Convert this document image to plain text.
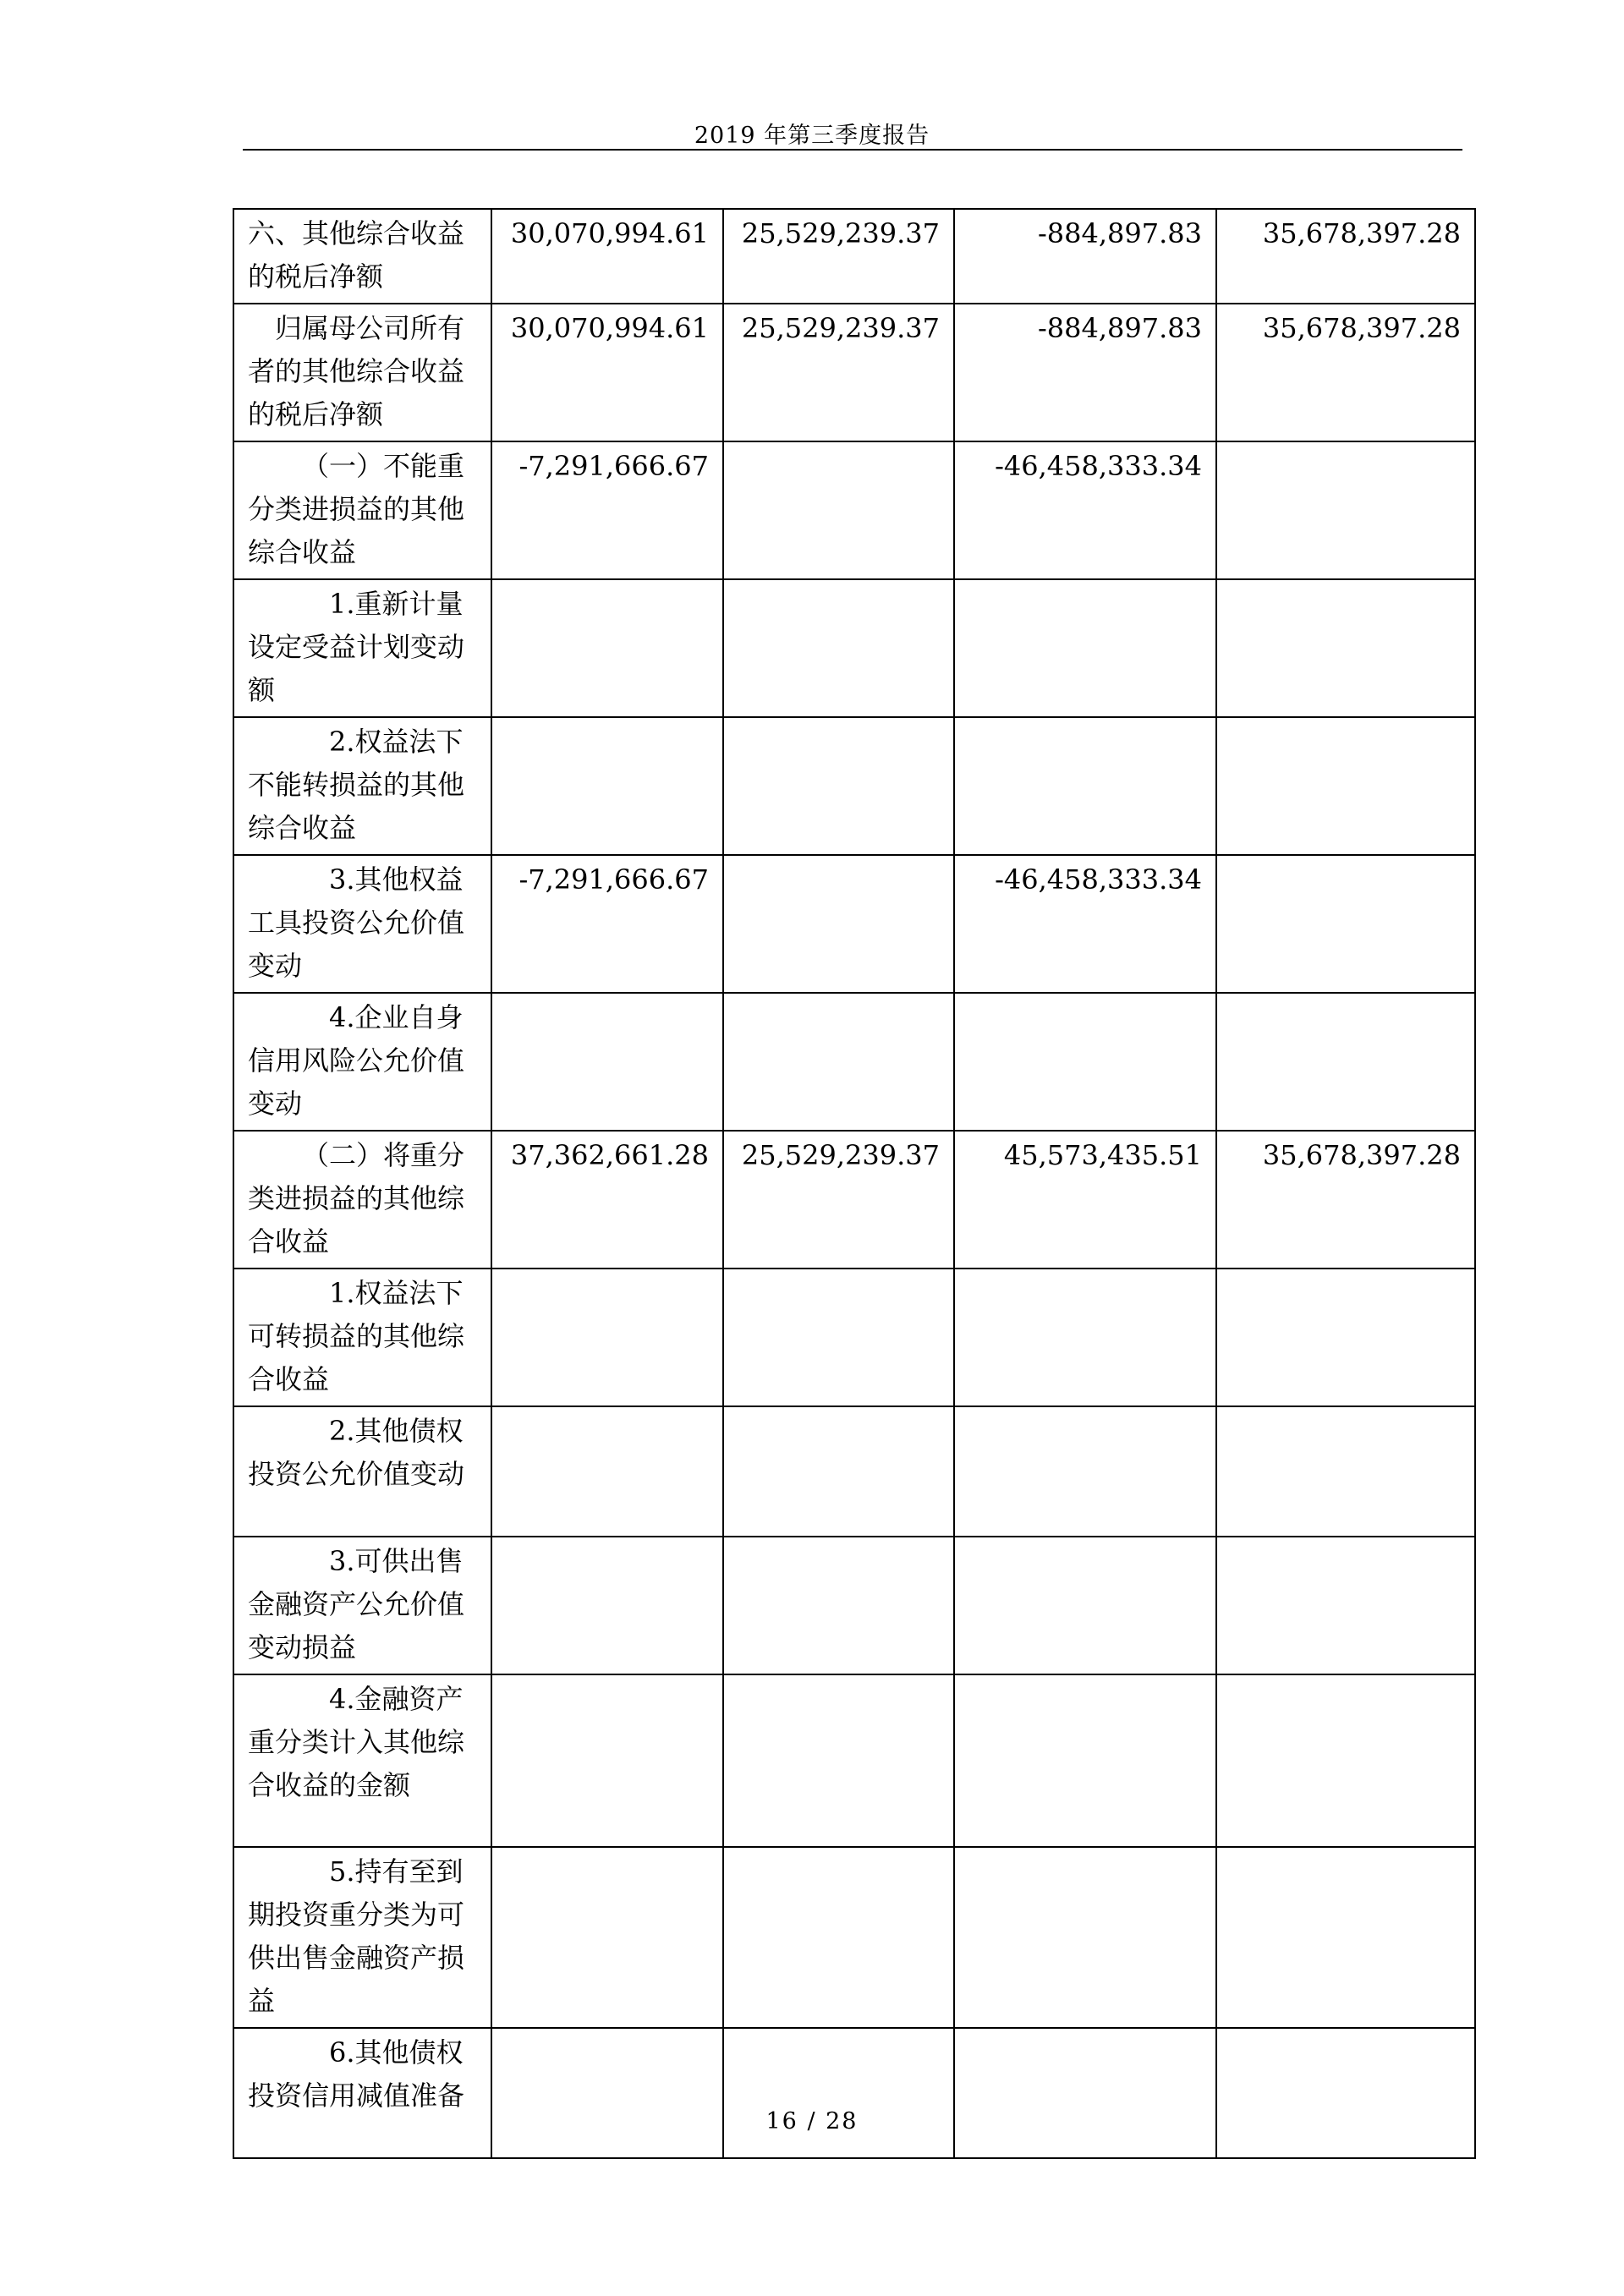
2019 年第三季度报告
六、其他综合收益的税后净额	30,070,994.61	25,529,239.37	-884,897.83	35,678,397.28
归属母公司所有者的其他综合收益的税后净额	30,070,994.61	25,529,239.37	-884,897.83	35,678,397.28
（一）不能重分类进损益的其他综合收益	-7,291,666.67		-46,458,333.34	
1.重新计量设定受益计划变动额				
2.权益法下不能转损益的其他综合收益				
3.其他权益工具投资公允价值变动	-7,291,666.67		-46,458,333.34	
4.企业自身信用风险公允价值变动				
（二）将重分类进损益的其他综合收益	37,362,661.28	25,529,239.37	45,573,435.51	35,678,397.28
1.权益法下可转损益的其他综合收益				
2.其他债权投资公允价值变动				
3.可供出售金融资产公允价值变动损益				
4.金融资产重分类计入其他综合收益的金额				
5.持有至到期投资重分类为可供出售金融资产损益				
6.其他债权投资信用减值准备				
16 / 28
